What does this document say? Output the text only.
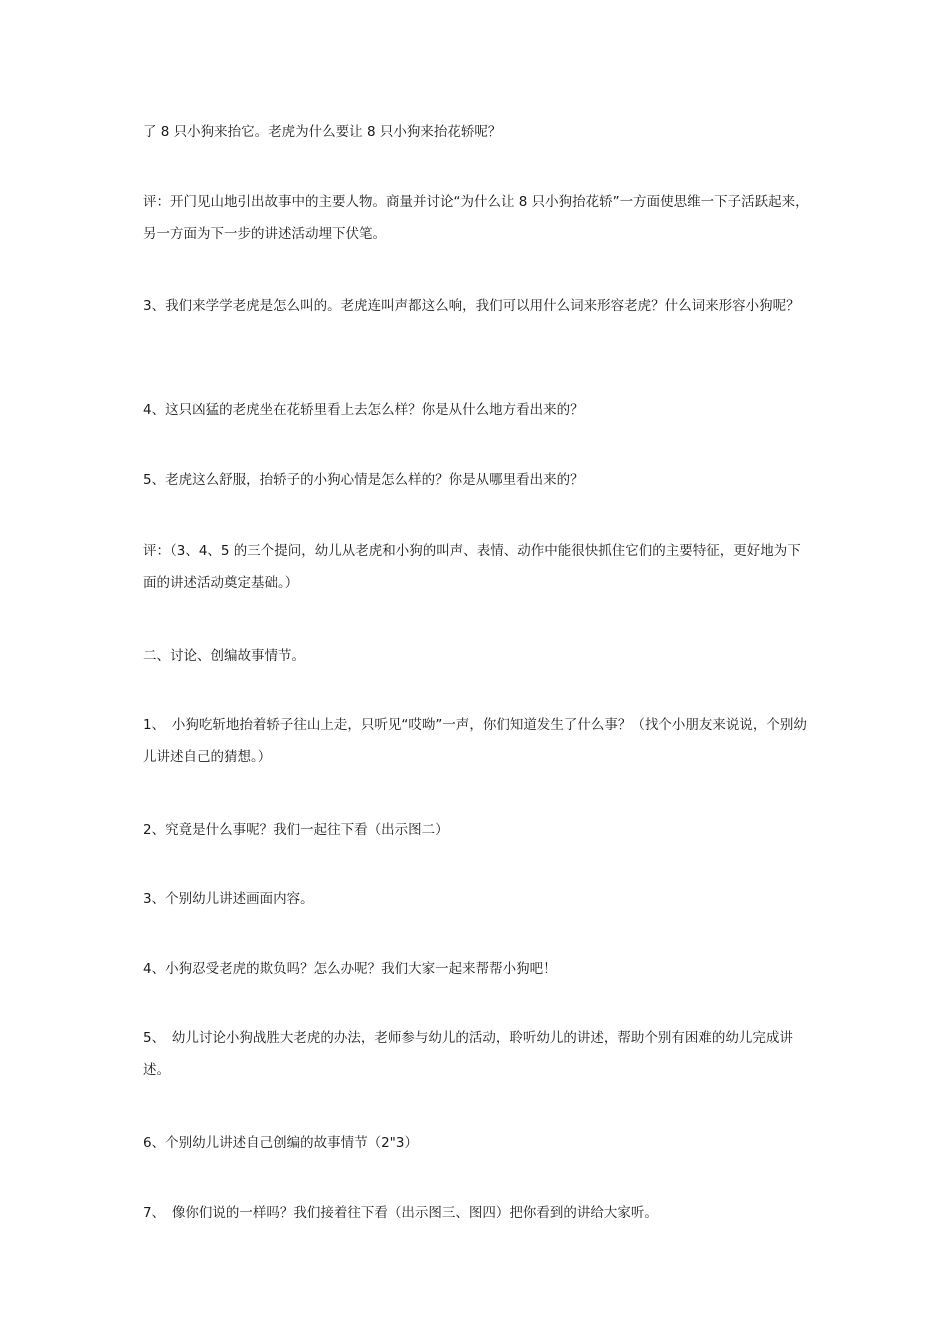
了 8 只小狗来抬它。老虎为什么要让 8 只小狗来抬花轿呢？

评：开门见山地引出故事中的主要人物。商量并讨论“为什么让 8 只小狗抬花轿”一方面使思维一下子活跃起来，另一方面为下一步的讲述活动埋下伏笔。

3、我们来学学老虎是怎么叫的。老虎连叫声都这么响，我们可以用什么词来形容老虎？什么词来形容小狗呢？

4、这只凶猛的老虎坐在花轿里看上去怎么样？你是从什么地方看出来的？

5、老虎这么舒服，抬轿子的小狗心情是怎么样的？你是从哪里看出来的？

评：（3、4、5 的三个提问，幼儿从老虎和小狗的叫声、表情、动作中能很快抓住它们的主要特征，更好地为下面的讲述活动奠定基础。）

二、讨论、创编故事情节。

1、　小狗吃斩地抬着轿子往山上走，只听见“哎呦”一声，你们知道发生了什么事？（找个小朋友来说说，个别幼儿讲述自己的猜想。）

2、究竟是什么事呢？我们一起往下看（出示图二）

3、个别幼儿讲述画面内容。

4、小狗忍受老虎的欺负吗？怎么办呢？我们大家一起来帮帮小狗吧！

5、　幼儿讨论小狗战胜大老虎的办法，老师参与幼儿的活动，聆听幼儿的讲述，帮助个别有困难的幼儿完成讲述。

6、个别幼儿讲述自己创编的故事情节（2"3）

7、　像你们说的一样吗？我们接着往下看（出示图三、图四）把你看到的讲给大家听。
